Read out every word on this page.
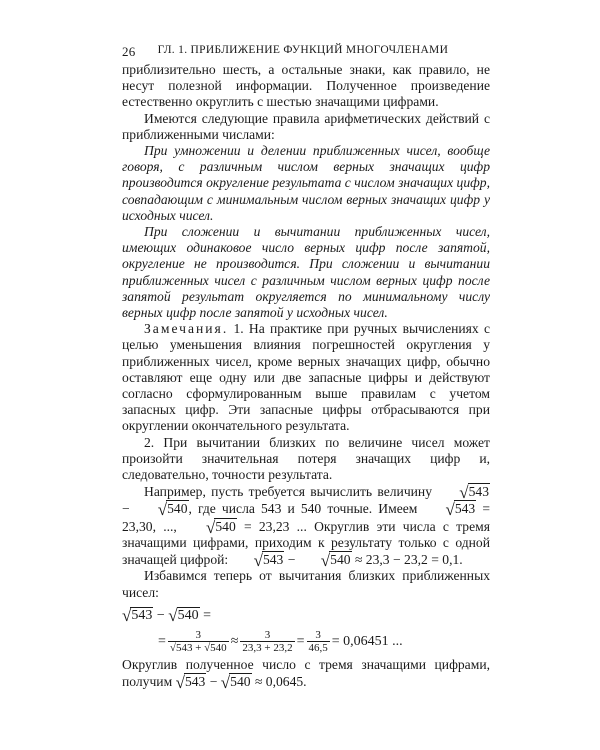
26 ГЛ. 1. ПРИБЛИЖЕНИЕ ФУНКЦИЙ МНОГОЧЛЕНАМИ

приблизительно шесть, а остальные знаки, как правило, не несут полезной информации. Полученное произведение естественно округлить с шестью значащими цифрами.

Имеются следующие правила арифметических действий с приближенными числами:

При умножении и делении приближенных чисел, вообще говоря, с различным числом верных значащих цифр производится округление результата с числом значащих цифр, совпадающим с минимальным числом верных значащих цифр у исходных чисел.

При сложении и вычитании приближенных чисел, имеющих одинаковое число верных цифр после запятой, округление не производится. При сложении и вычитании приближенных чисел с различным числом верных цифр после запятой результат округляется по минимальному числу верных цифр после запятой у исходных чисел.

Замечания. 1. На практике при ручных вычислениях с целью уменьшения влияния погрешностей округления у приближенных чисел, кроме верных значащих цифр, обычно оставляют еще одну или две запасные цифры и действуют согласно сформулированным выше правилам с учетом запасных цифр. Эти запасные цифры отбрасываются при округлении окончательного результата.

2. При вычитании близких по величине чисел может произойти значительная потеря значащих цифр и, следовательно, точности результата.

Например, пусть требуется вычислить величину √543 − √540, где числа 543 и 540 точные. Имеем √543 = 23,30, ..., √540 = 23,23 ... Округлив эти числа с тремя значащими цифрами, приходим к результату только с одной значащей цифрой: √543 − √540 ≈ 23,3 − 23,2 = 0,1.

Избавимся теперь от вычитания близких приближенных чисел:

√543 − √540 =
= $\frac{3}{√543 + √540} \approx \frac{3}{23,3 + 23,2} = \frac{3}{46,5} = 0,06451$ ...

Округлив полученное число с тремя значащими цифрами, получим √543 − √540 ≈ 0,0645.
